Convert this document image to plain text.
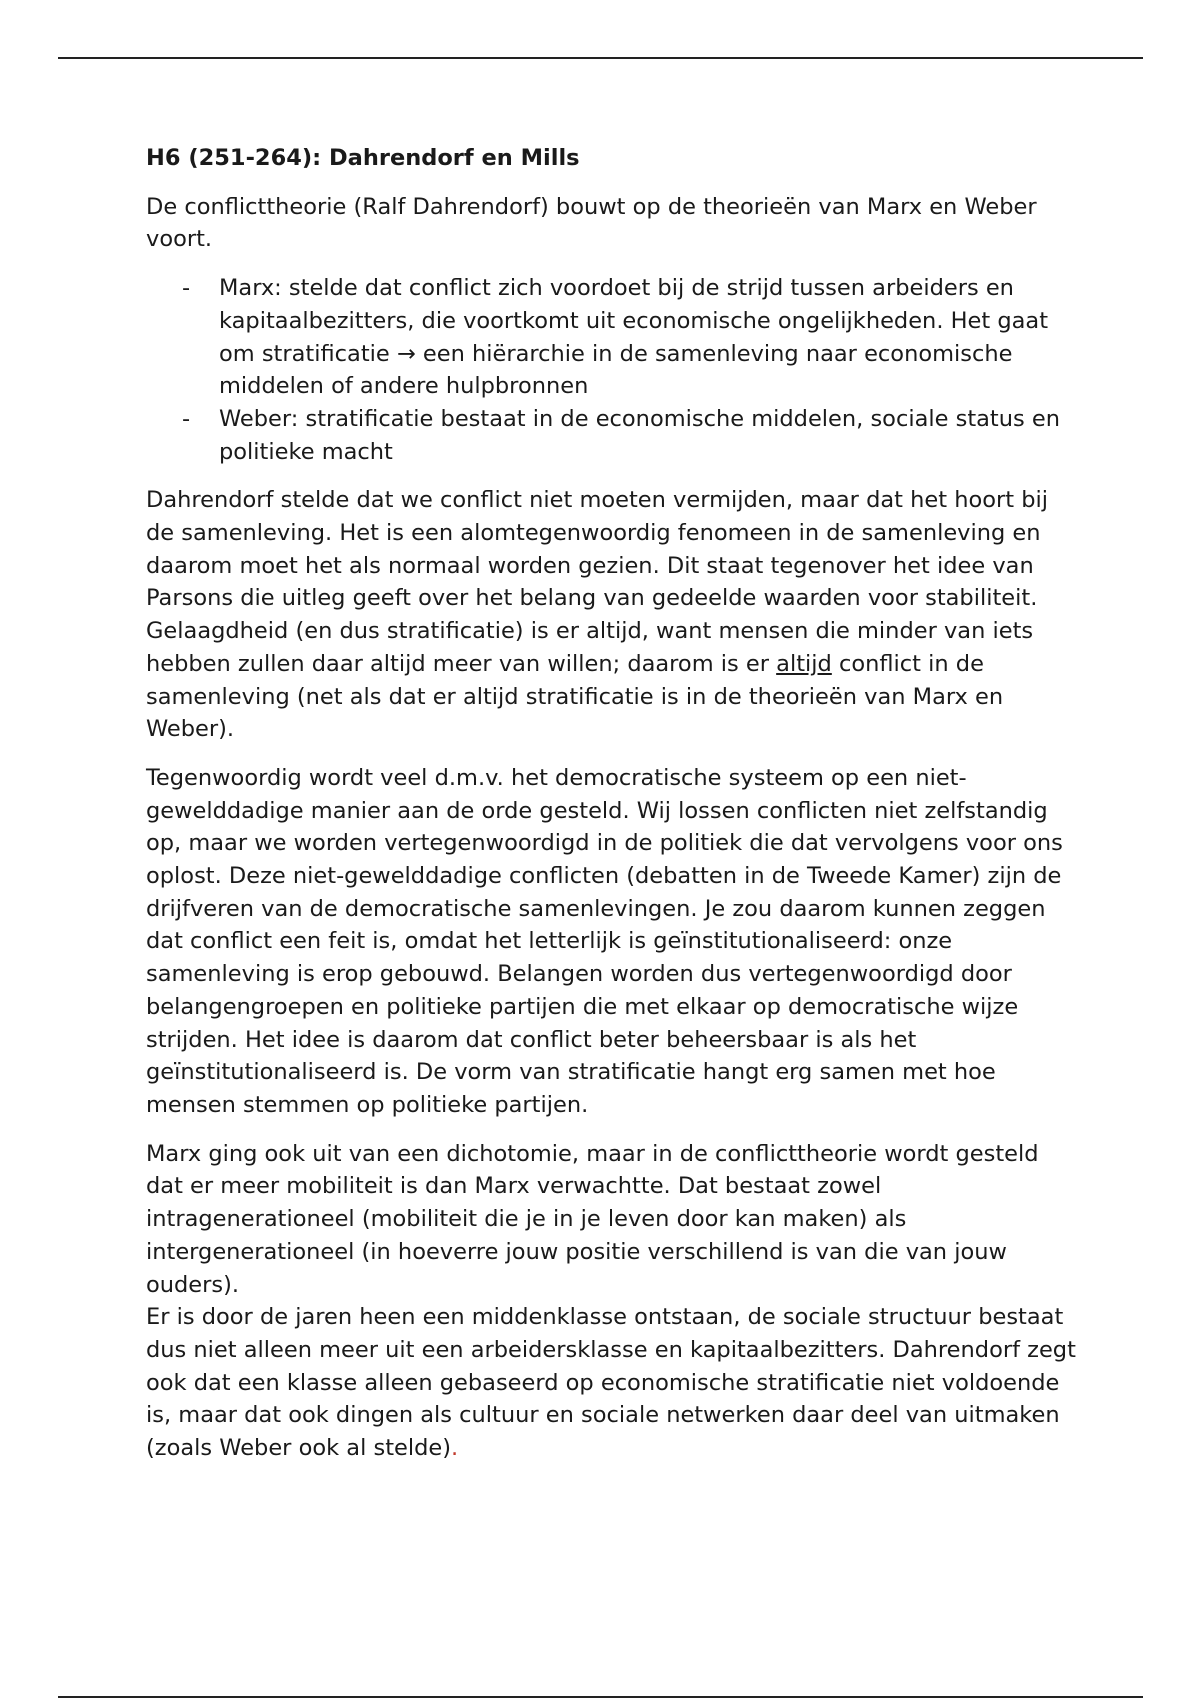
H6 (251-264): Dahrendorf en Mills

De conflicttheorie (Ralf Dahrendorf) bouwt op de theorieën van Marx en Weber voort.

- Marx: stelde dat conflict zich voordoet bij de strijd tussen arbeiders en kapitaalbezitters, die voortkomt uit economische ongelijkheden. Het gaat om stratificatie → een hiërarchie in de samenleving naar economische middelen of andere hulpbronnen
- Weber: stratificatie bestaat in de economische middelen, sociale status en politieke macht

Dahrendorf stelde dat we conflict niet moeten vermijden, maar dat het hoort bij de samenleving. Het is een alomtegenwoordig fenomeen in de samenleving en daarom moet het als normaal worden gezien. Dit staat tegenover het idee van Parsons die uitleg geeft over het belang van gedeelde waarden voor stabiliteit.

Gelaagdheid (en dus stratificatie) is er altijd, want mensen die minder van iets hebben zullen daar altijd meer van willen; daarom is er altijd conflict in de samenleving (net als dat er altijd stratificatie is in de theorieën van Marx en Weber).

Tegenwoordig wordt veel d.m.v. het democratische systeem op een niet-gewelddadige manier aan de orde gesteld. Wij lossen conflicten niet zelfstandig op, maar we worden vertegenwoordigd in de politiek die dat vervolgens voor ons oplost. Deze niet-gewelddadige conflicten (debatten in de Tweede Kamer) zijn de drijfveren van de democratische samenlevingen. Je zou daarom kunnen zeggen dat conflict een feit is, omdat het letterlijk is geïnstitutionaliseerd: onze samenleving is erop gebouwd. Belangen worden dus vertegenwoordigd door belangengroepen en politieke partijen die met elkaar op democratische wijze strijden. Het idee is daarom dat conflict beter beheersbaar is als het geïnstitutionaliseerd is. De vorm van stratificatie hangt erg samen met hoe mensen stemmen op politieke partijen.

Marx ging ook uit van een dichotomie, maar in de conflicttheorie wordt gesteld dat er meer mobiliteit is dan Marx verwachtte. Dat bestaat zowel intragenerationeel (mobiliteit die je in je leven door kan maken) als intergenerationeel (in hoeverre jouw positie verschillend is van die van jouw ouders).

Er is door de jaren heen een middenklasse ontstaan, de sociale structuur bestaat dus niet alleen meer uit een arbeidersklasse en kapitaalbezitters. Dahrendorf zegt ook dat een klasse alleen gebaseerd op economische stratificatie niet voldoende is, maar dat ook dingen als cultuur en sociale netwerken daar deel van uitmaken (zoals Weber ook al stelde).
